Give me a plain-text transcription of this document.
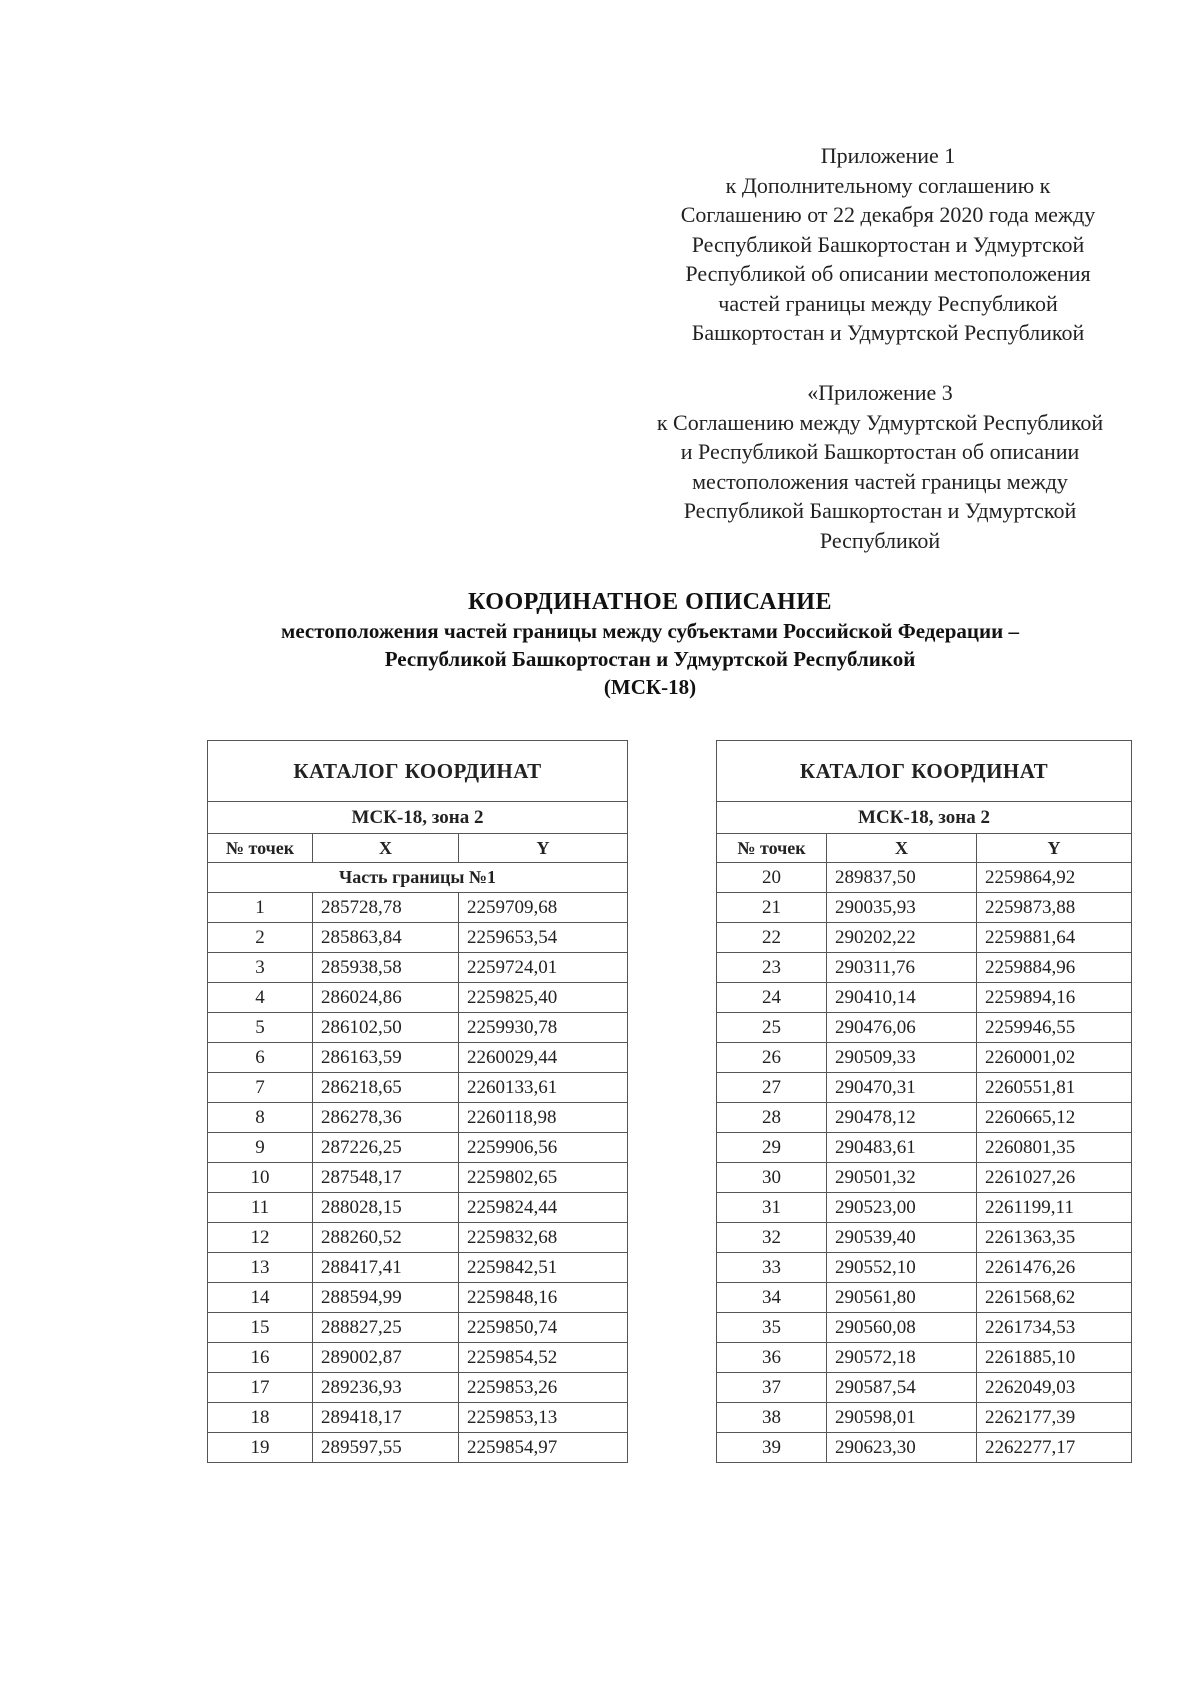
Приложение 1
к Дополнительному соглашению к
Соглашению от 22 декабря 2020 года между
Республикой Башкортостан и Удмуртской
Республикой об описании местоположения
частей границы между Республикой
Башкортостан и Удмуртской Республикой
«Приложение 3
к Соглашению между Удмуртской Республикой
и Республикой Башкортостан об описании
местоположения частей границы между
Республикой Башкортостан и Удмуртской
Республикой
КООРДИНАТНОЕ ОПИСАНИЕ
местоположения частей границы между субъектами Российской Федерации –
Республикой Башкортостан и Удмуртской Республикой
(МСК-18)
КАТАЛОГ КООРДИНАТ		
МСК-18, зона 2		
№ точек	X	Y
Часть границы №1		
1	285728,78	2259709,68
2	285863,84	2259653,54
3	285938,58	2259724,01
4	286024,86	2259825,40
5	286102,50	2259930,78
6	286163,59	2260029,44
7	286218,65	2260133,61
8	286278,36	2260118,98
9	287226,25	2259906,56
10	287548,17	2259802,65
11	288028,15	2259824,44
12	288260,52	2259832,68
13	288417,41	2259842,51
14	288594,99	2259848,16
15	288827,25	2259850,74
16	289002,87	2259854,52
17	289236,93	2259853,26
18	289418,17	2259853,13
19	289597,55	2259854,97
КАТАЛОГ КООРДИНАТ		
МСК-18, зона 2		
№ точек	X	Y
20	289837,50	2259864,92
21	290035,93	2259873,88
22	290202,22	2259881,64
23	290311,76	2259884,96
24	290410,14	2259894,16
25	290476,06	2259946,55
26	290509,33	2260001,02
27	290470,31	2260551,81
28	290478,12	2260665,12
29	290483,61	2260801,35
30	290501,32	2261027,26
31	290523,00	2261199,11
32	290539,40	2261363,35
33	290552,10	2261476,26
34	290561,80	2261568,62
35	290560,08	2261734,53
36	290572,18	2261885,10
37	290587,54	2262049,03
38	290598,01	2262177,39
39	290623,30	2262277,17
